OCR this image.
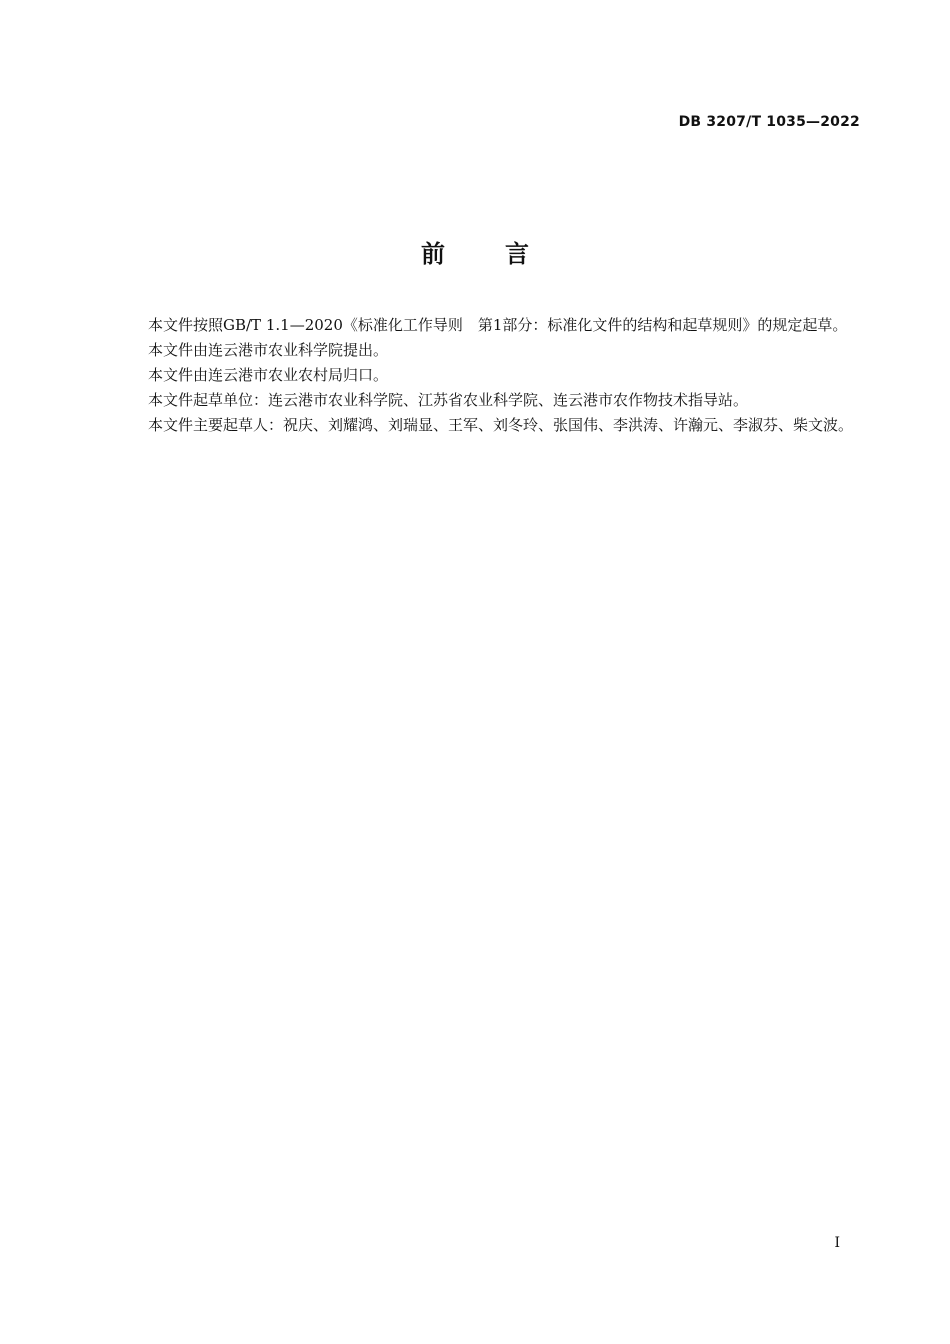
DB 3207/T 1035—2022
前	言

本文件按照GB/T 1.1—2020《标准化工作导则　第1部分：标准化文件的结构和起草规则》的规定起草。

本文件由连云港市农业科学院提出。

本文件由连云港市农业农村局归口。

本文件起草单位：连云港市农业科学院、江苏省农业科学院、连云港市农作物技术指导站。

本文件主要起草人：祝庆、刘耀鸿、刘瑞显、王军、刘冬玲、张国伟、李洪涛、许瀚元、李淑芬、柴文波。

I
